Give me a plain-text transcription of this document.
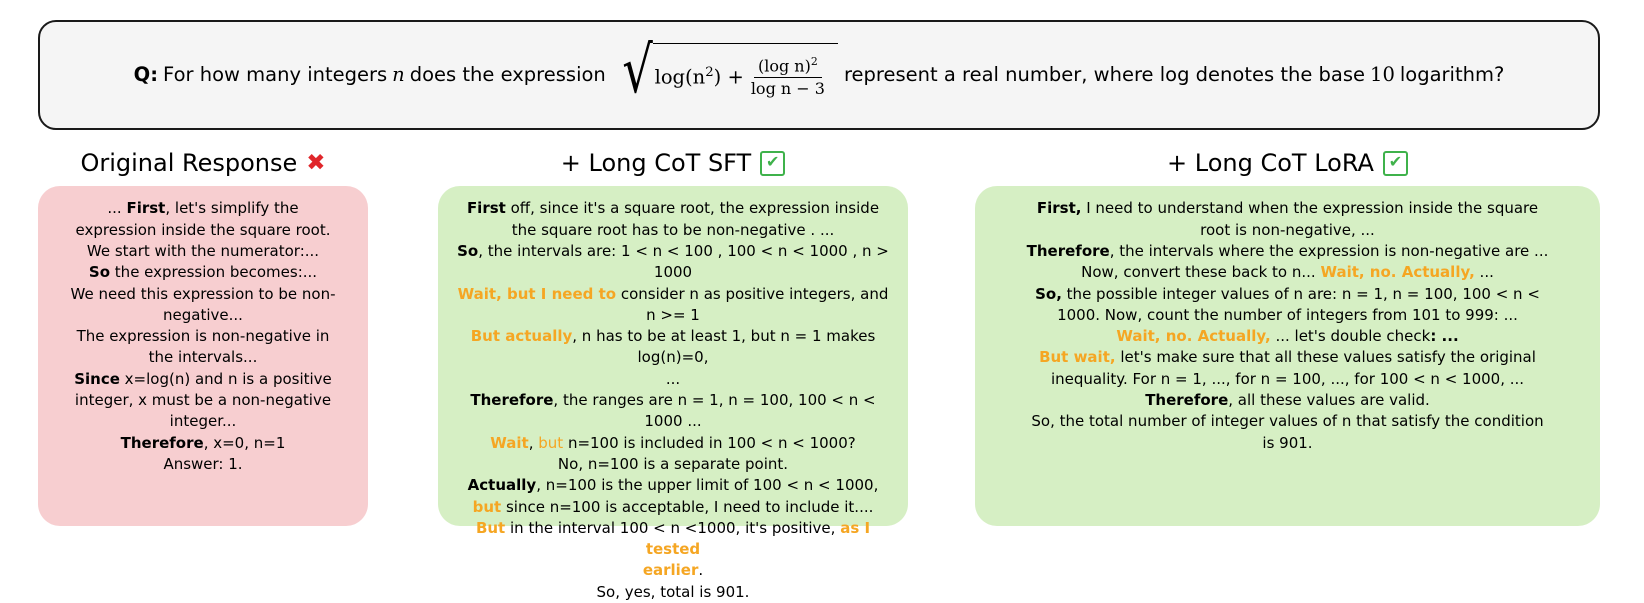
Q: For how many integers n does the expression √ $\log(n^2) + \frac{(\log n)^2}{\text{log n − 3}}$ represent a real number, where log denotes the base 10 logarithm?
Original Response ✖
... First, let's simplify the
expression inside the square root.
We start with the numerator:...
So the expression becomes:...
We need this expression to be non-
negative...
The expression is non-negative in
the intervals...
Since x=log(n) and n is a positive
integer, x must be a non-negative
integer...
Therefore, x=0, n=1
Answer: 1.
+ Long CoT SFT ✔
First off, since it's a square root, the expression inside
the square root has to be non-negative . ...
So, the intervals are: 1 < n < 100 , 100 < n < 1000 , n > 1000
Wait, but I need to consider n as positive integers, and n >= 1
But actually, n has to be at least 1, but n = 1 makes log(n)=0,
...
Therefore, the ranges are n = 1, n = 100, 100 < n < 1000 ...
Wait, but n=100 is included in 100 < n < 1000?
No, n=100 is a separate point.
Actually, n=100 is the upper limit of 100 < n < 1000,
but since n=100 is acceptable, I need to include it....
But in the interval 100 < n <1000, it's positive, as I tested
earlier.
So, yes, total is 901.
+ Long CoT LoRA ✔
First, I need to understand when the expression inside the square
root is non-negative, ...
Therefore, the intervals where the expression is non-negative are ...
Now, convert these back to n... Wait, no. Actually, ...
So, the possible integer values of n are: n = 1, n = 100, 100 < n <
1000. Now, count the number of integers from 101 to 999: ...
Wait, no. Actually, ... let's double check: ...
But wait, let's make sure that all these values satisfy the original
inequality. For n = 1, ..., for n = 100, ..., for 100 < n < 1000, ...
Therefore, all these values are valid.
So, the total number of integer values of n that satisfy the condition
is 901.
